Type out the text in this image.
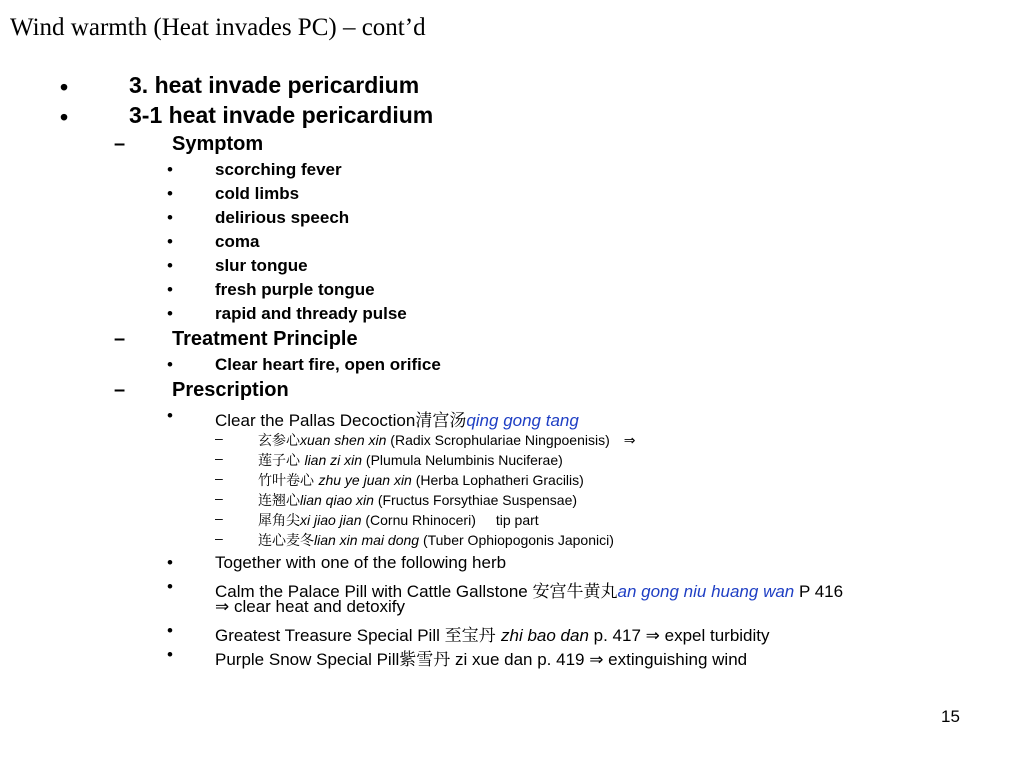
Wind warmth (Heat invades PC) – cont’d
•	3. heat invade pericardium
•	3-1 heat invade pericardium
– Symptom
• scorching fever
• cold limbs
• delirious speech
• coma
• slur tongue
• fresh purple tongue
• rapid and thready pulse
– Treatment Principle
• Clear heart fire, open orifice
– Prescription
• Clear the Pallas Decoction清宫汤qing gong tang
–	玄参心xuan shen xin (Radix Scrophulariae Ningpoenisis) ⇒
–	莲子心 lian zi xin (Plumula Nelumbinis Nuciferae)
–	竹叶卷心 zhu ye juan xin (Herba Lophatheri Gracilis)
–	连翘心lian qiao xin (Fructus Forsythiae Suspensae)
–	犀角尖xi jiao jian (Cornu Rhinoceri) tip part
–	连心麦冬lian xin mai dong (Tuber Ophiopogonis Japonici)
• Together with one of the following herb
• Calm the Palace Pill with Cattle Gallstone 安宫牛黄丸an gong niu huang wan P 416
⇒ clear heat and detoxify
• Greatest Treasure Special Pill 至宝丹 zhi bao dan p. 417 ⇒ expel turbidity
• Purple Snow Special Pill紫雪丹 zi xue dan p. 419 ⇒ extinguishing wind
15
